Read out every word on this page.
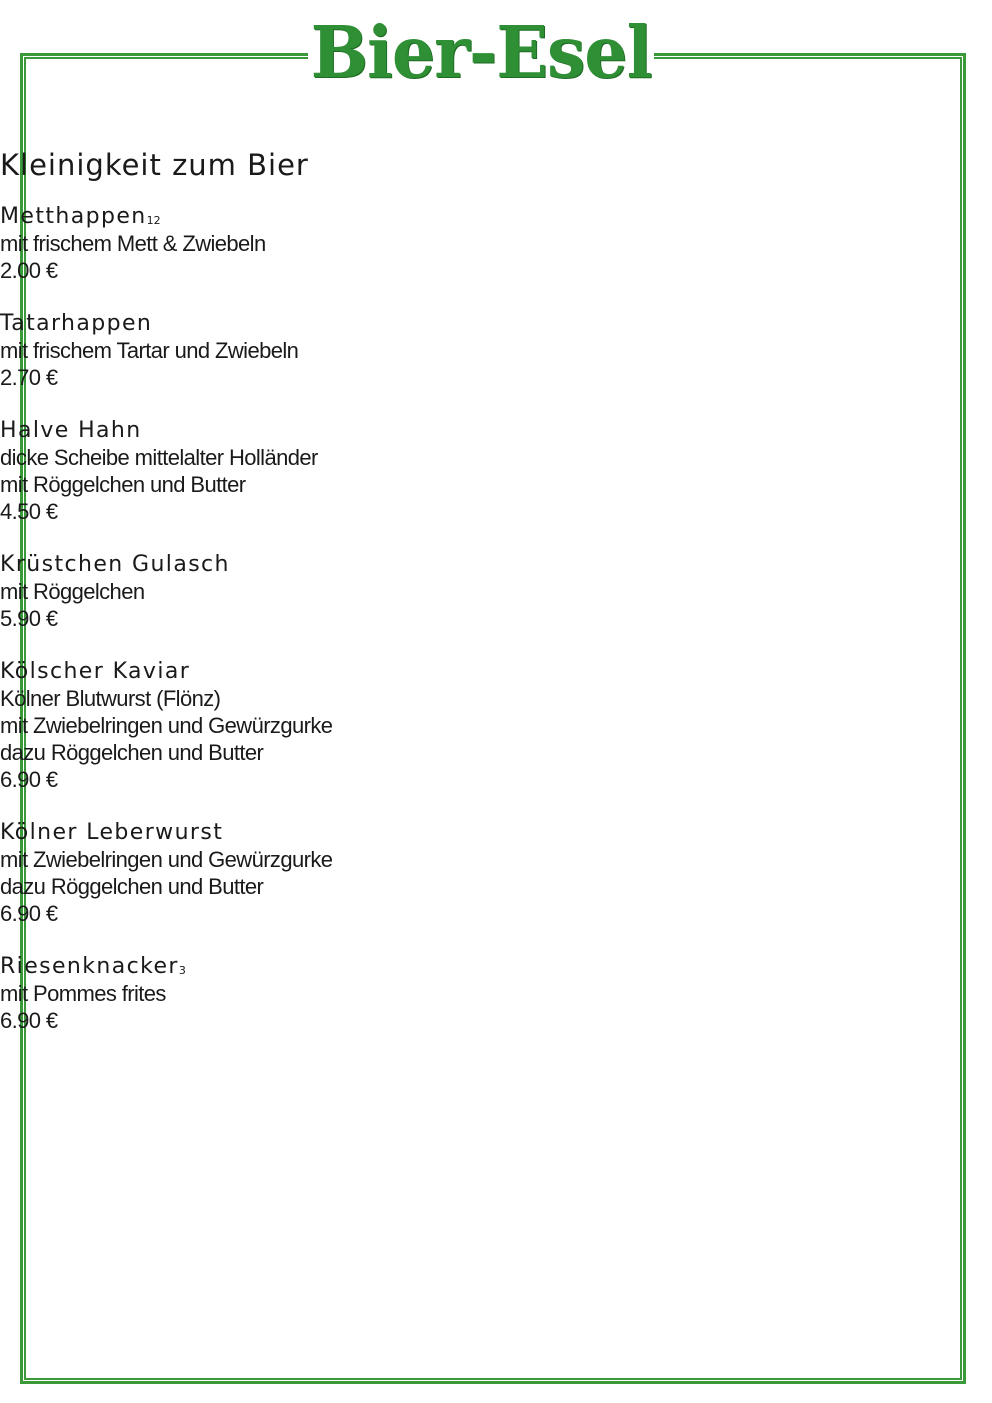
Bier-Esel
Kleinigkeit zum Bier
Metthappen$^{12}$
mit frischem Mett & Zwiebeln
2.00 €
Tatarhappen
mit frischem Tartar und Zwiebeln
2.70 €
Halve Hahn
dicke Scheibe mittelalter Holländer
mit Röggelchen und Butter
4.50 €
Krüstchen Gulasch
mit Röggelchen
5.90 €
Kölscher Kaviar
Kölner Blutwurst (Flönz)
mit Zwiebelringen und Gewürzgurke
dazu Röggelchen und Butter
6.90 €
Kölner Leberwurst
mit Zwiebelringen und Gewürzgurke
dazu Röggelchen und Butter
6.90 €
Riesenknacker$^3$
mit Pommes frites
6.90 €
